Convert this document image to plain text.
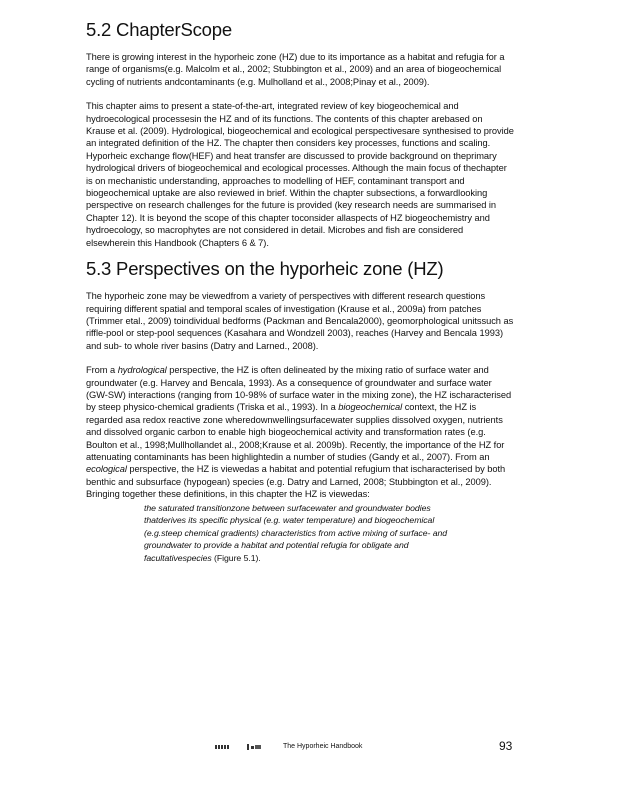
5.2 ChapterScope

There is growing interest in the hyporheic zone (HZ) due to its importance as a habitat and refugia for a range of organisms(e.g. Malcolm et al., 2002; Stubbington et al., 2009) and an area of biogeochemical cycling of nutrients andcontaminants (e.g. Mulholland et al., 2008;Pinay et al., 2009).

This chapter aims to present a state-of-the-art, integrated review of key biogeochemical and hydroecological processesin the HZ and of its functions. The contents of this chapter arebased on Krause et al. (2009). Hydrological, biogeochemical and ecological perspectivesare synthesised to provide an integrated definition of the HZ. The chapter then considers key processes, functions and scaling. Hyporheic exchange flow(HEF) and heat transfer are discussed to provide background on theprimary hydrological drivers of biogeochemical and ecological processes. Although the main focus of thechapter is on mechanistic understanding, approaches to modelling of HEF, contaminant transport and biogeochemical uptake are also reviewed in brief. Within the chapter subsections, a forwardlooking perspective on research challenges for the future is provided (key research needs are summarised in Chapter 12). It is beyond the scope of this chapter toconsider allaspects of HZ biogeochemistry and hydroecology, so macrophytes are not considered in detail. Microbes and fish are considered elsewherein this Handbook (Chapters 6 & 7).

5.3 Perspectives on the hyporheic zone (HZ)

The hyporheic zone may be viewedfrom a variety of perspectives with different research questions requiring different spatial and temporal scales of investigation (Krause et al., 2009a) from patches (Trimmer etal., 2009) toindividual bedforms (Packman and Bencala2000), geomorphological unitssuch as riffle-pool or step-pool sequences (Kasahara and Wondzell 2003), reaches (Harvey and Bencala 1993) and sub- to whole river basins (Datry and Larned., 2008).

From a hydrological perspective, the HZ is often delineated by the mixing ratio of surface water and groundwater (e.g. Harvey and Bencala, 1993). As a consequence of groundwater and surface water (GW-SW) interactions (ranging from 10-98% of surface water in the mixing zone), the HZ ischaracterised by steep physico-chemical gradients (Triska et al., 1993). In a biogeochemical context, the HZ is regarded asa redox reactive zone wheredownwellingsurfacewater supplies dissolved oxygen, nutrients and dissolved organic carbon to enable high biogeochemical activity and transformation rates (e.g. Boulton et al., 1998;Mullhollandet al., 2008;Krause et al. 2009b). Recently, the importance of the HZ for attenuating contaminants has been highlightedin a number of studies (Gandy et al., 2007). From an ecological perspective, the HZ is viewedas a habitat and potential refugium that ischaracterised by both benthic and subsurface (hypogean) species (e.g. Datry and Larned, 2008; Stubbington et al., 2009). Bringing together these definitions, in this chapter the HZ is viewedas:

the saturated transitionzone between surfacewater and groundwater bodies thatderives its specific physical (e.g. water temperature) and biogeochemical (e.g.steep chemical gradients) characteristics from active mixing of surface- and groundwater to provide a habitat and potential refugia for obligate and facultativespecies (Figure 5.1).

The Hyporheic Handbook	93
